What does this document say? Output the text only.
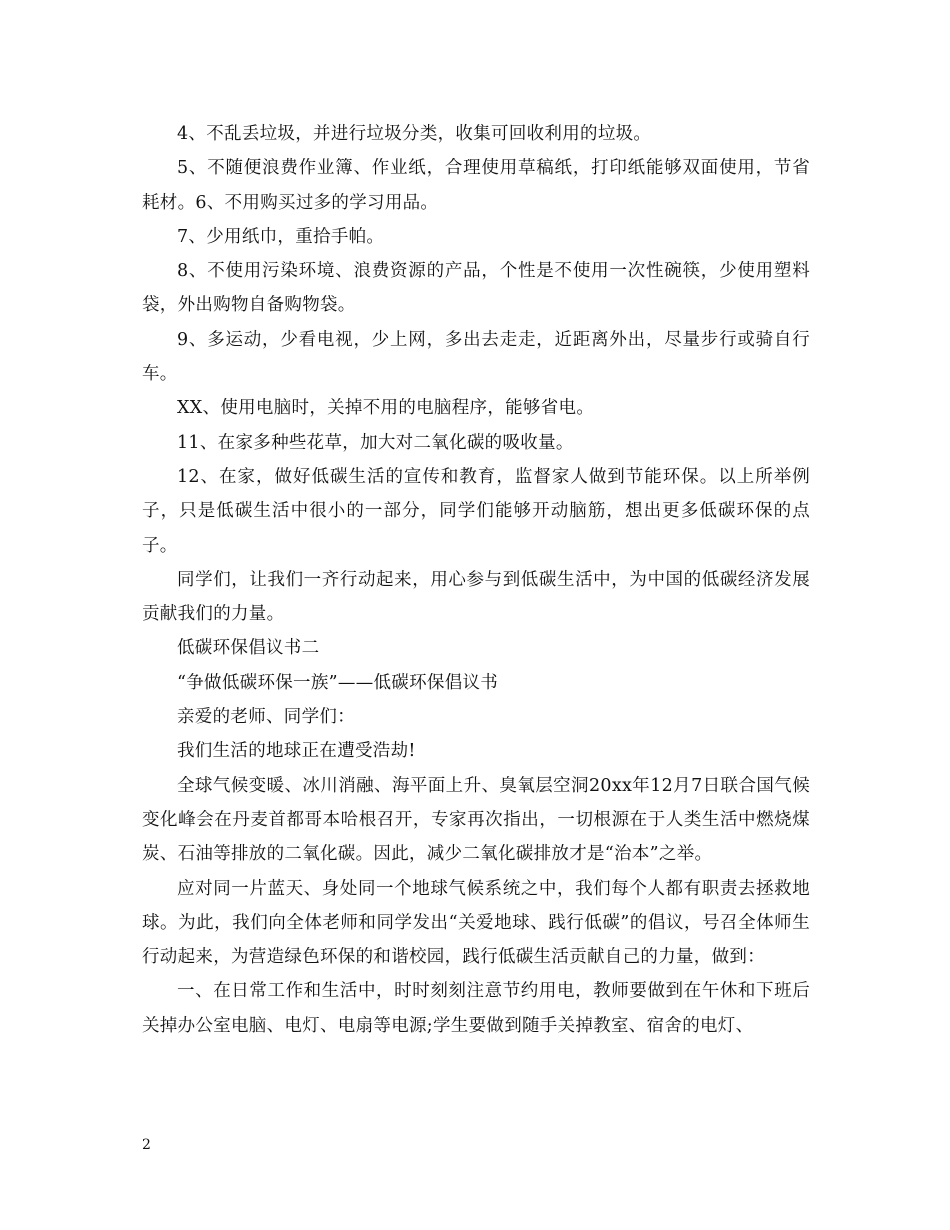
4、不乱丢垃圾，并进行垃圾分类，收集可回收利用的垃圾。

5、不随便浪费作业簿、作业纸，合理使用草稿纸，打印纸能够双面使用，节省耗材。6、不用购买过多的学习用品。

7、少用纸巾，重拾手帕。

8、不使用污染环境、浪费资源的产品，个性是不使用一次性碗筷，少使用塑料袋，外出购物自备购物袋。

9、多运动，少看电视，少上网，多出去走走，近距离外出，尽量步行或骑自行车。

XX、使用电脑时，关掉不用的电脑程序，能够省电。

11、在家多种些花草，加大对二氧化碳的吸收量。

12、在家，做好低碳生活的宣传和教育，监督家人做到节能环保。以上所举例子，只是低碳生活中很小的一部分，同学们能够开动脑筋，想出更多低碳环保的点子。

同学们，让我们一齐行动起来，用心参与到低碳生活中，为中国的低碳经济发展贡献我们的力量。

低碳环保倡议书二

“争做低碳环保一族”——低碳环保倡议书

亲爱的老师、同学们：

我们生活的地球正在遭受浩劫!

全球气候变暖、冰川消融、海平面上升、臭氧层空洞20xx年12月7日联合国气候变化峰会在丹麦首都哥本哈根召开，专家再次指出，一切根源在于人类生活中燃烧煤炭、石油等排放的二氧化碳。因此，减少二氧化碳排放才是“治本”之举。

应对同一片蓝天、身处同一个地球气候系统之中，我们每个人都有职责去拯救地球。为此，我们向全体老师和同学发出“关爱地球、践行低碳”的倡议，号召全体师生行动起来，为营造绿色环保的和谐校园，践行低碳生活贡献自己的力量，做到：

一、在日常工作和生活中，时时刻刻注意节约用电，教师要做到在午休和下班后关掉办公室电脑、电灯、电扇等电源;学生要做到随手关掉教室、宿舍的电灯、

2
